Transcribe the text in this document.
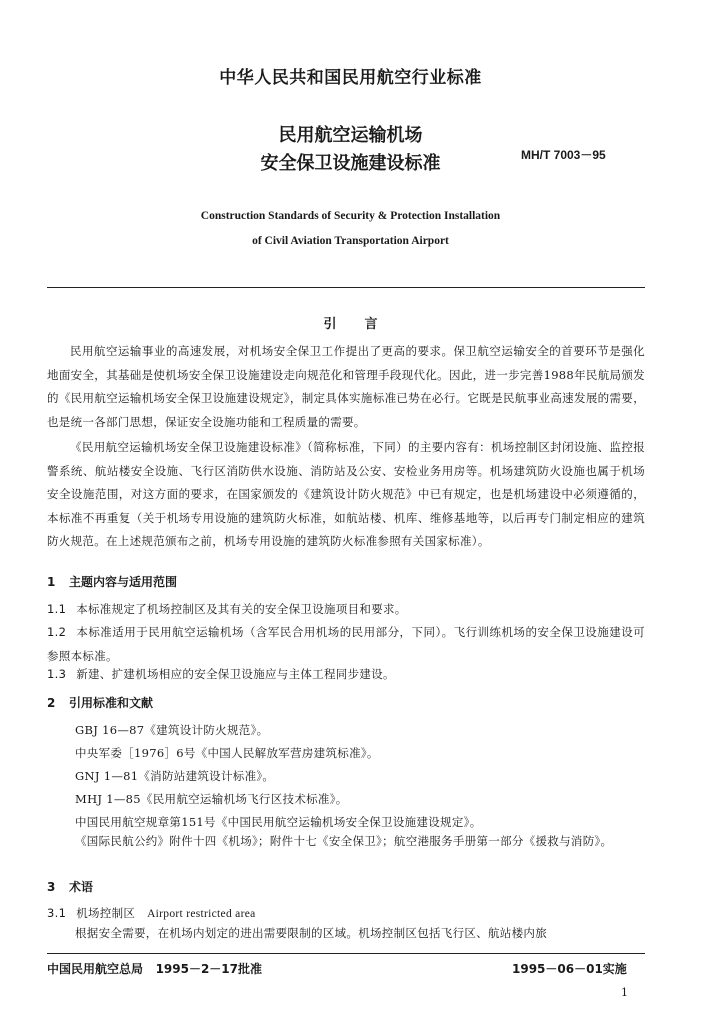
中华人民共和国民用航空行业标准
民用航空运输机场
安全保卫设施建设标准	MH/T 7003－95
Construction Standards of Security & Protection Installation
of Civil Aviation Transportation Airport
引言
民用航空运输事业的高速发展，对机场安全保卫工作提出了更高的要求。保卫航空运输安全的首要环节是强化地面安全，其基础是使机场安全保卫设施建设走向规范化和管理手段现代化。因此，进一步完善1988年民航局颁发的《民用航空运输机场安全保卫设施建设规定》，制定具体实施标准已势在必行。它既是民航事业高速发展的需要，也是统一各部门思想，保证安全设施功能和工程质量的需要。
《民用航空运输机场安全保卫设施建设标准》（简称标准，下同）的主要内容有：机场控制区封闭设施、监控报警系统、航站楼安全设施、飞行区消防供水设施、消防站及公安、安检业务用房等。机场建筑防火设施也属于机场安全设施范围，对这方面的要求，在国家颁发的《建筑设计防火规范》中已有规定，也是机场建设中必须遵循的，本标准不再重复（关于机场专用设施的建筑防火标准，如航站楼、机库、维修基地等，以后再专门制定相应的建筑防火规范。在上述规范颁布之前，机场专用设施的建筑防火标准参照有关国家标准）。
1 主题内容与适用范围
1.1 本标准规定了机场控制区及其有关的安全保卫设施项目和要求。
1.2 本标准适用于民用航空运输机场（含军民合用机场的民用部分，下同）。飞行训练机场的安全保卫设施建设可参照本标准。
1.3 新建、扩建机场相应的安全保卫设施应与主体工程同步建设。
2 引用标准和文献
GBJ 16—87《建筑设计防火规范》。
中央军委［1976］6号《中国人民解放军营房建筑标准》。
GNJ 1—81《消防站建筑设计标准》。
MHJ 1—85《民用航空运输机场飞行区技术标准》。
中国民用航空规章第151号《中国民用航空运输机场安全保卫设施建设规定》。
《国际民航公约》附件十四《机场》；附件十七《安全保卫》；航空港服务手册第一部分《援救与消防》。
3 术语
3.1 机场控制区 Airport restricted area
根据安全需要，在机场内划定的进出需要限制的区域。机场控制区包括飞行区、航站楼内旅
中国民用航空总局 1995－2－17批准	1995－06－01实施
1
